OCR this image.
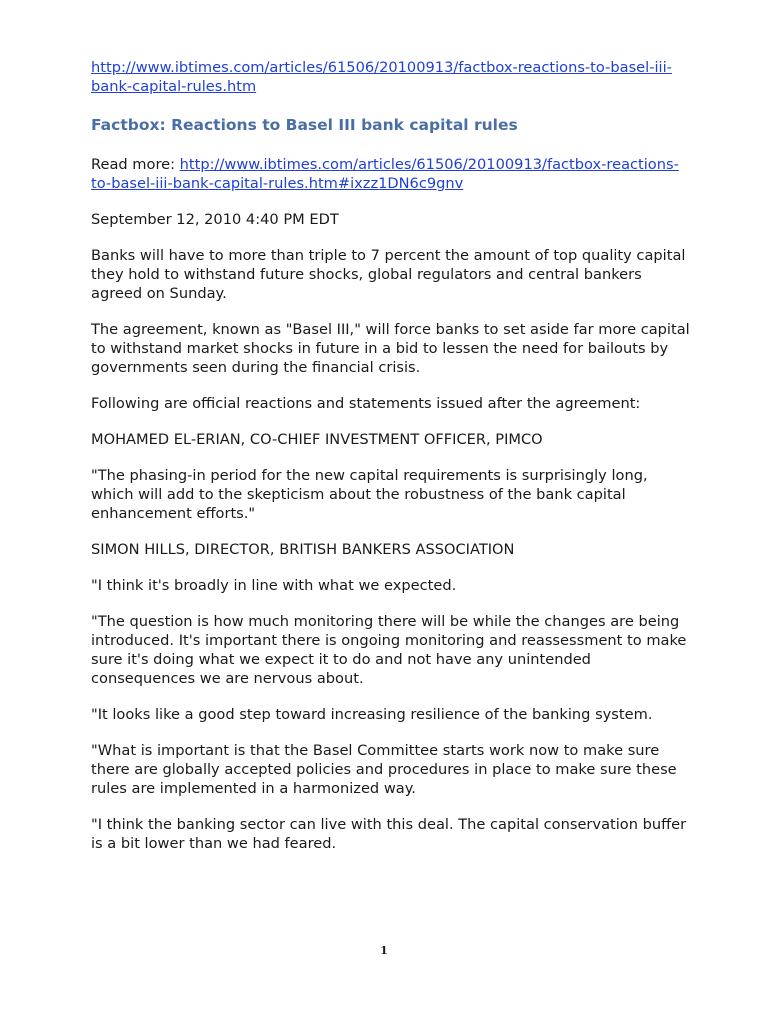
http://www.ibtimes.com/articles/61506/20100913/factbox-reactions-to-basel-iii-bank-capital-rules.htm

Factbox: Reactions to Basel III bank capital rules

Read more: http://www.ibtimes.com/articles/61506/20100913/factbox-reactions-to-basel-iii-bank-capital-rules.htm#ixzz1DN6c9gnv

September 12, 2010 4:40 PM EDT

Banks will have to more than triple to 7 percent the amount of top quality capital they hold to withstand future shocks, global regulators and central bankers agreed on Sunday.

The agreement, known as "Basel III," will force banks to set aside far more capital to withstand market shocks in future in a bid to lessen the need for bailouts by governments seen during the financial crisis.

Following are official reactions and statements issued after the agreement:

MOHAMED EL-ERIAN, CO-CHIEF INVESTMENT OFFICER, PIMCO

"The phasing-in period for the new capital requirements is surprisingly long, which will add to the skepticism about the robustness of the bank capital enhancement efforts."

SIMON HILLS, DIRECTOR, BRITISH BANKERS ASSOCIATION

"I think it's broadly in line with what we expected.

"The question is how much monitoring there will be while the changes are being introduced. It's important there is ongoing monitoring and reassessment to make sure it's doing what we expect it to do and not have any unintended consequences we are nervous about.

"It looks like a good step toward increasing resilience of the banking system.

"What is important is that the Basel Committee starts work now to make sure there are globally accepted policies and procedures in place to make sure these rules are implemented in a harmonized way.

"I think the banking sector can live with this deal. The capital conservation buffer is a bit lower than we had feared.

1
